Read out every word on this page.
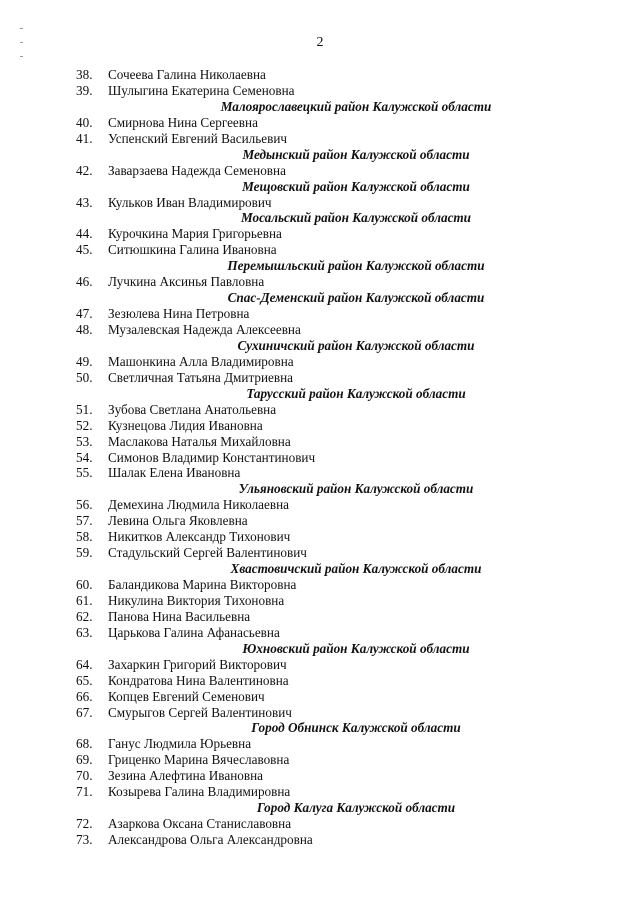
2
38.	Сочеева Галина Николаевна
39.	Шулыгина Екатерина Семеновна
Малоярославецкий район Калужской области
40.	Смирнова Нина Сергеевна
41.	Успенский Евгений Васильевич
Медынский район Калужской области
42.	Заварзаева Надежда Семеновна
Мещовский район Калужской области
43.	Кульков Иван Владимирович
Мосальский район Калужской области
44.	Курочкина Мария Григорьевна
45.	Ситюшкина Галина Ивановна
Перемышльский район Калужской области
46.	Лучкина Аксинья Павловна
Спас-Деменский район Калужской области
47.	Зезюлева Нина Петровна
48.	Музалевская Надежда Алексеевна
Сухиничский район Калужской области
49.	Машонкина Алла Владимировна
50.	Светличная Татьяна Дмитриевна
Тарусский район Калужской области
51.	Зубова Светлана Анатольевна
52.	Кузнецова Лидия Ивановна
53.	Маслакова Наталья Михайловна
54.	Симонов Владимир Константинович
55.	Шалак Елена Ивановна
Ульяновский район Калужской области
56.	Демехина Людмила Николаевна
57.	Левина Ольга Яковлевна
58.	Никитков Александр Тихонович
59.	Стадульский Сергей Валентинович
Хвастовичский район Калужской области
60.	Баландикова Марина Викторовна
61.	Никулина Виктория Тихоновна
62.	Панова Нина Васильевна
63.	Царькова Галина Афанасьевна
Юхновский район Калужской области
64.	Захаркин Григорий Викторович
65.	Кондратова Нина Валентиновна
66.	Копцев Евгений Семенович
67.	Смурыгов Сергей Валентинович
Город Обнинск Калужской области
68.	Ганус Людмила Юрьевна
69.	Гриценко Марина Вячеславовна
70.	Зезина Алефтина Ивановна
71.	Козырева Галина Владимировна
Город Калуга Калужской области
72.	Азаркова Оксана Станиславовна
73.	Александрова Ольга Александровна
